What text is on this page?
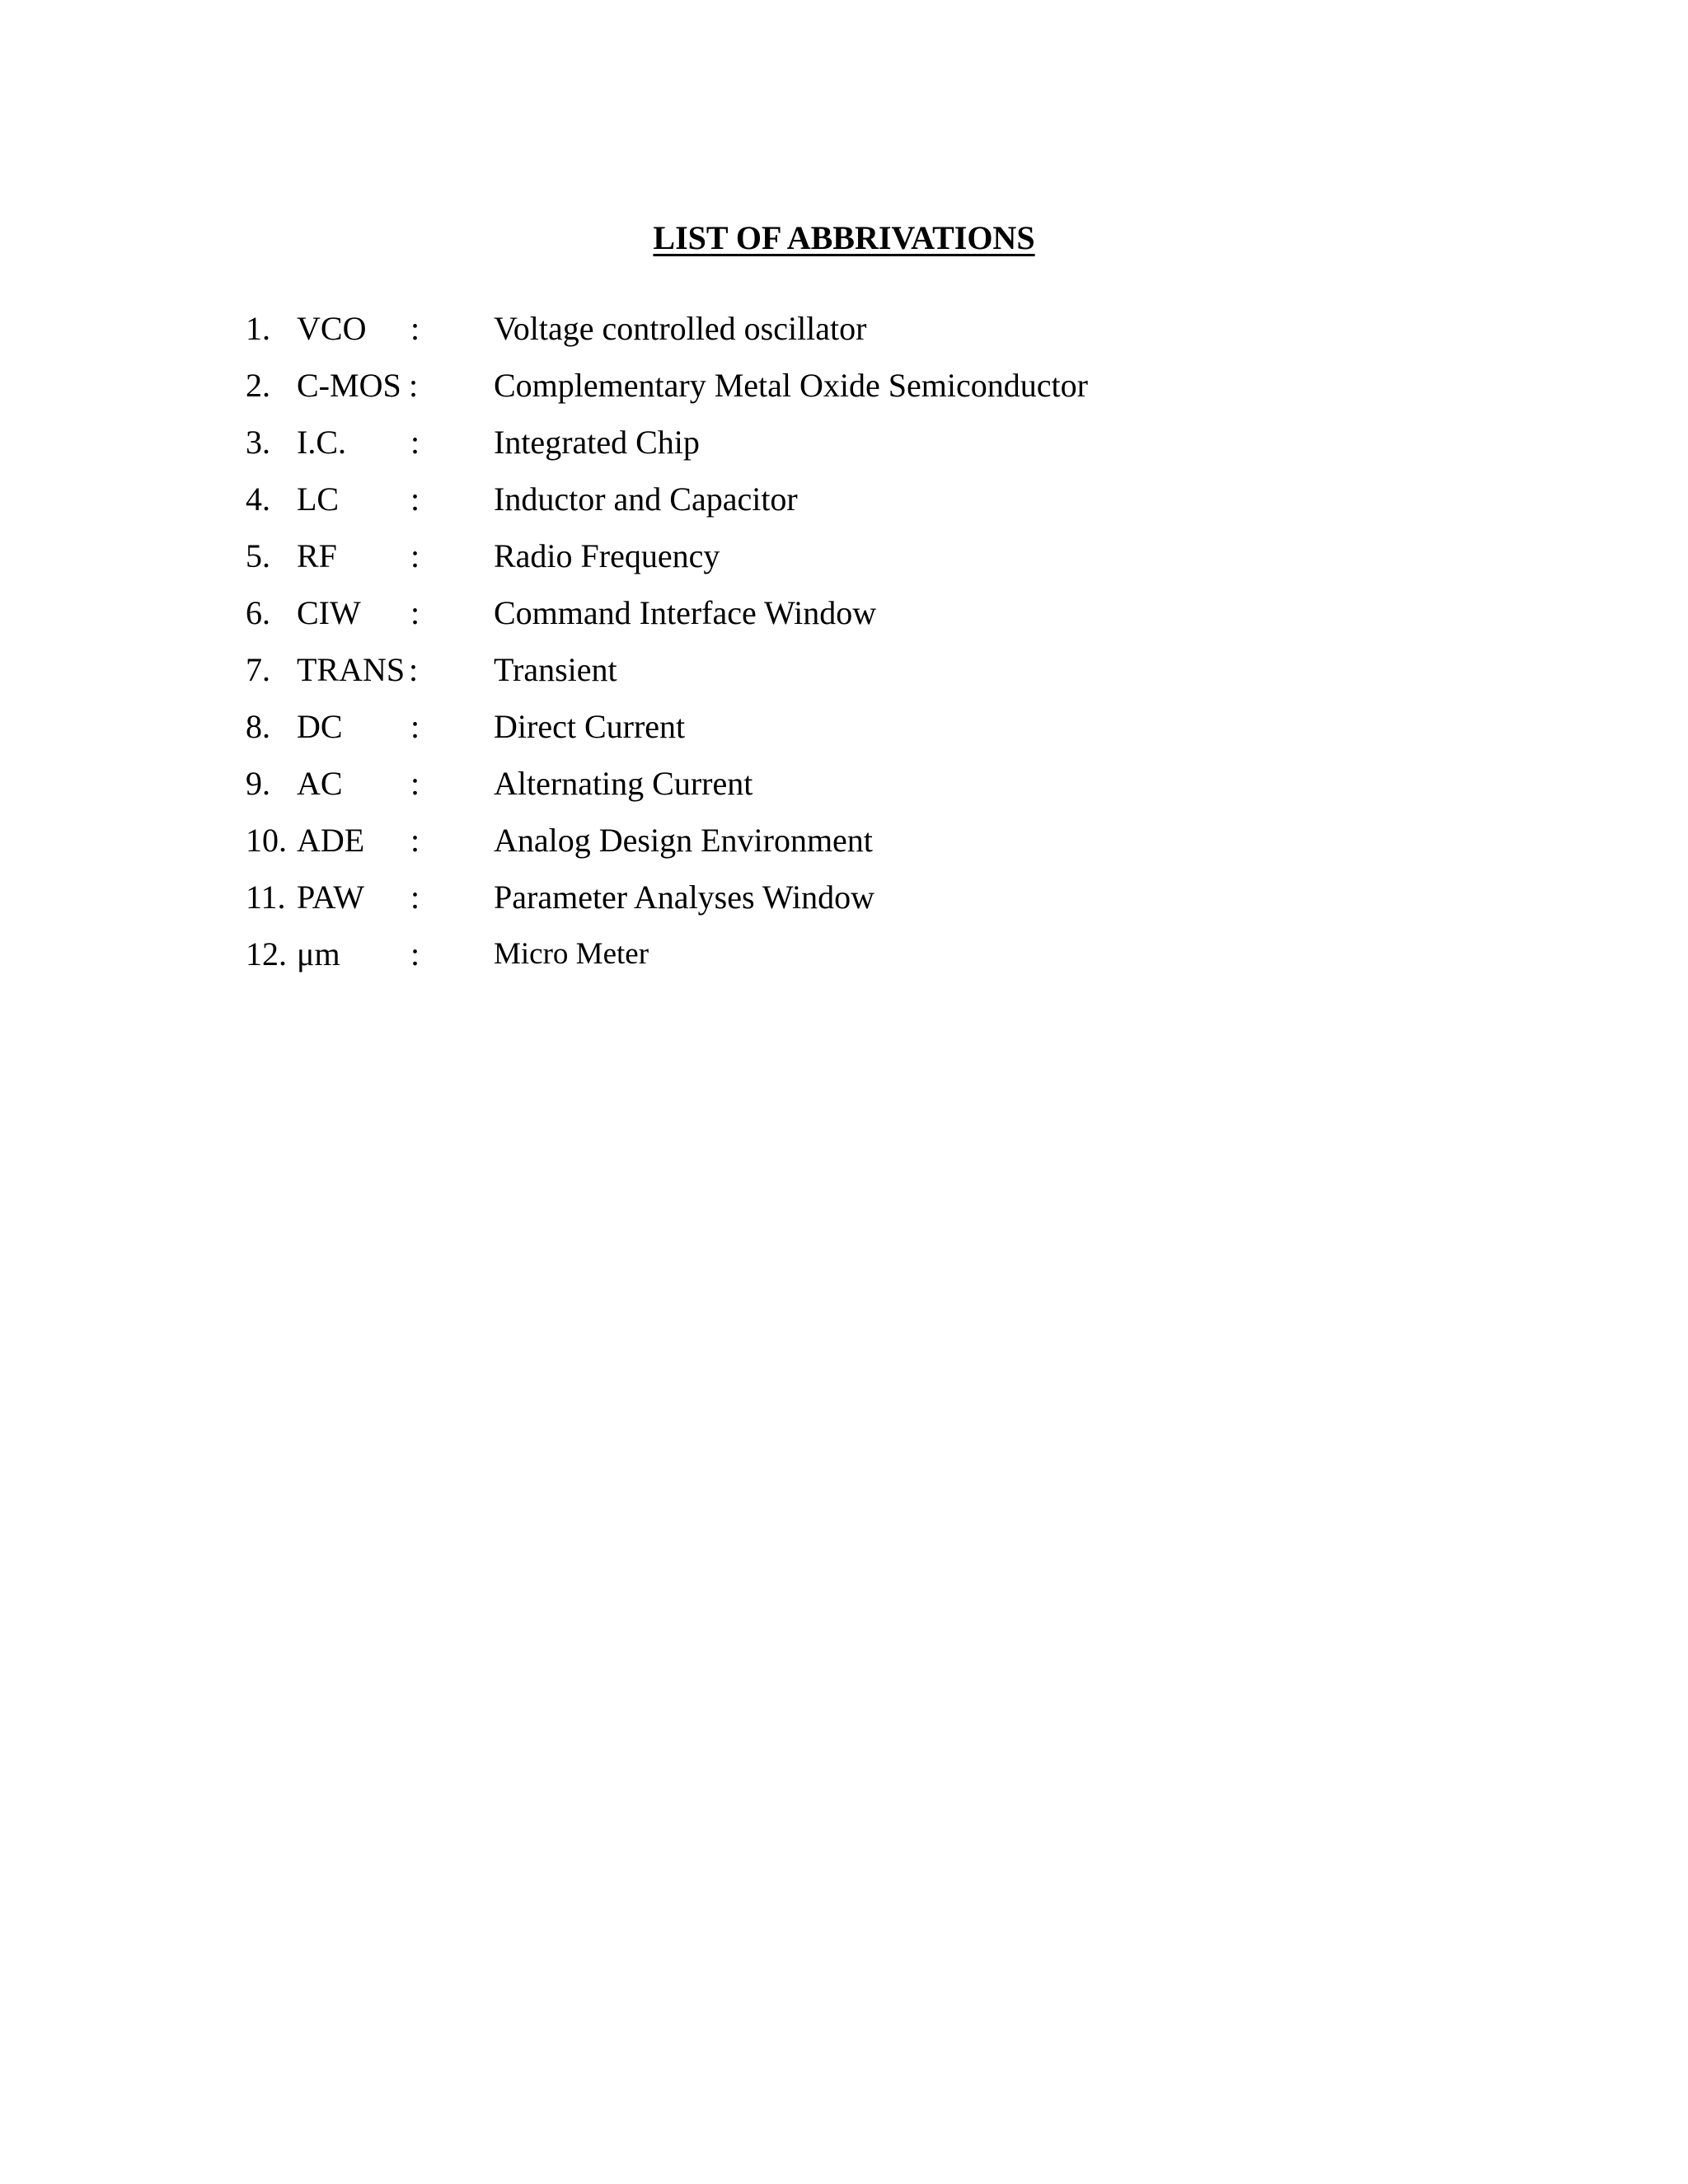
LIST OF ABBRIVATIONS
1. VCO : Voltage controlled oscillator
2. C-MOS : Complementary Metal Oxide Semiconductor
3. I.C. : Integrated Chip
4. LC : Inductor and Capacitor
5. RF : Radio Frequency
6. CIW : Command Interface Window
7. TRANS : Transient
8. DC : Direct Current
9. AC : Alternating Current
10. ADE : Analog Design Environment
11. PAW : Parameter Analyses Window
12. μm : Micro Meter
